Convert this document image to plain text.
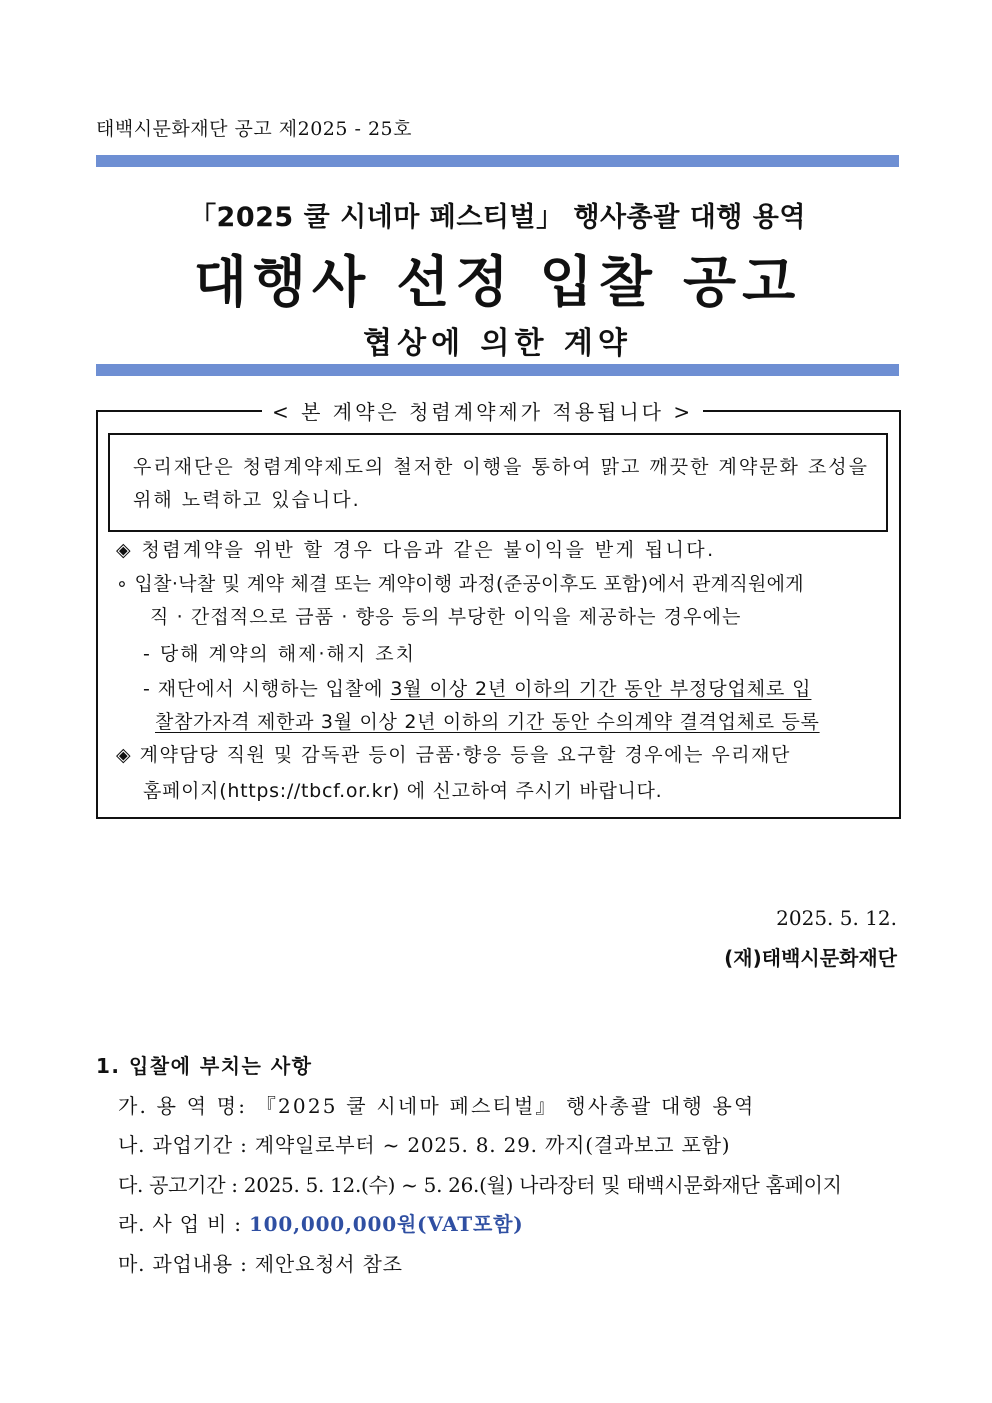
태백시문화재단 공고 제2025 - 25호
「2025 쿨 시네마 페스티벌」 행사총괄 대행 용역
대행사 선정 입찰 공고
협상에 의한 계약
< 본 계약은 청렴계약제가 적용됩니다 >
우리재단은 청렴계약제도의 철저한 이행을 통하여 맑고 깨끗한 계약문화 조성을 위해 노력하고 있습니다.
◈ 청렴계약을 위반 할 경우 다음과 같은 불이익을 받게 됩니다.
∘ 입찰·낙찰 및 계약 체결 또는 계약이행 과정(준공이후도 포함)에서 관계직원에게
직 · 간접적으로 금품 · 향응 등의 부당한 이익을 제공하는 경우에는
- 당해 계약의 해제·해지 조치
- 재단에서 시행하는 입찰에 3월 이상 2년 이하의 기간 동안 부정당업체로 입
찰참가자격 제한과 3월 이상 2년 이하의 기간 동안 수의계약 결격업체로 등록
◈ 계약담당 직원 및 감독관 등이 금품·향응 등을 요구할 경우에는 우리재단
홈페이지(https://tbcf.or.kr) 에 신고하여 주시기 바랍니다.
2025. 5. 12.
(재)태백시문화재단
1. 입찰에 부치는 사항
가. 용 역 명: 『2025 쿨 시네마 페스티벌』 행사총괄 대행 용역
나. 과업기간 : 계약일로부터 ~ 2025. 8. 29. 까지(결과보고 포함)
다. 공고기간 : 2025. 5. 12.(수) ~ 5. 26.(월) 나라장터 및 태백시문화재단 홈페이지
라. 사 업 비 : 100,000,000원(VAT포함)
마. 과업내용 : 제안요청서 참조
